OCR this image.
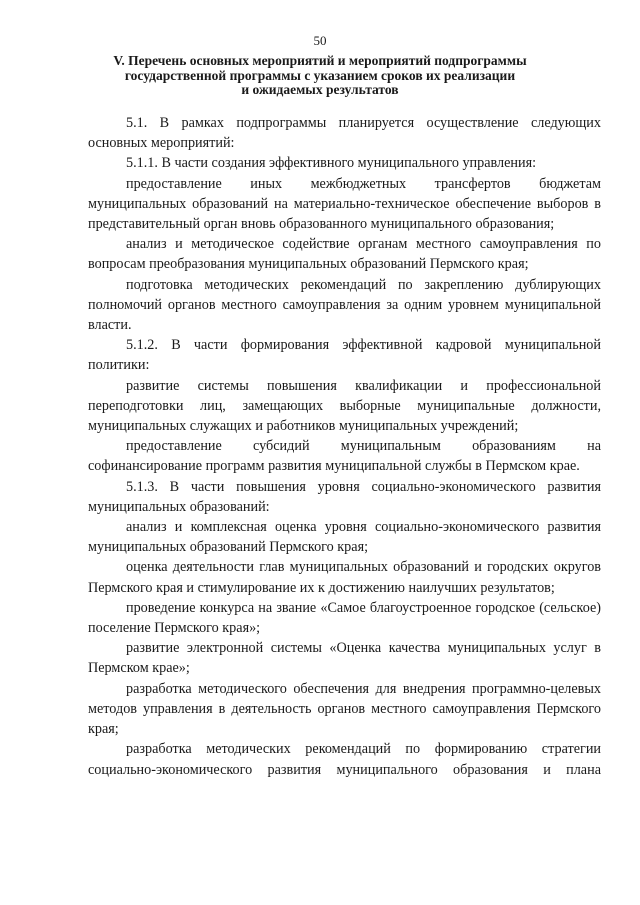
50
V. Перечень основных мероприятий и мероприятий подпрограммы
государственной программы с указанием сроков их реализации
и ожидаемых результатов
5.1. В рамках подпрограммы планируется осуществление следующих основных мероприятий:
5.1.1. В части создания эффективного муниципального управления:
предоставление иных межбюджетных трансфертов бюджетам муниципальных образований на материально-техническое обеспечение выборов в представительный орган вновь образованного муниципального образования;
анализ и методическое содействие органам местного самоуправления по вопросам преобразования муниципальных образований Пермского края;
подготовка методических рекомендаций по закреплению дублирующих полномочий органов местного самоуправления за одним уровнем муниципальной власти.
5.1.2. В части формирования эффективной кадровой муниципальной политики:
развитие системы повышения квалификации и профессиональной переподготовки лиц, замещающих выборные муниципальные должности, муниципальных служащих и работников муниципальных учреждений;
предоставление субсидий муниципальным образованиям на софинансирование программ развития муниципальной службы в Пермском крае.
5.1.3. В части повышения уровня социально-экономического развития муниципальных образований:
анализ и комплексная оценка уровня социально-экономического развития муниципальных образований Пермского края;
оценка деятельности глав муниципальных образований и городских округов Пермского края и стимулирование их к достижению наилучших результатов;
проведение конкурса на звание «Самое благоустроенное городское (сельское) поселение Пермского края»;
развитие электронной системы «Оценка качества муниципальных услуг в Пермском крае»;
разработка методического обеспечения для внедрения программно-целевых методов управления в деятельность органов местного самоуправления Пермского края;
разработка методических рекомендаций по формированию стратегии социально-экономического развития муниципального образования и плана
